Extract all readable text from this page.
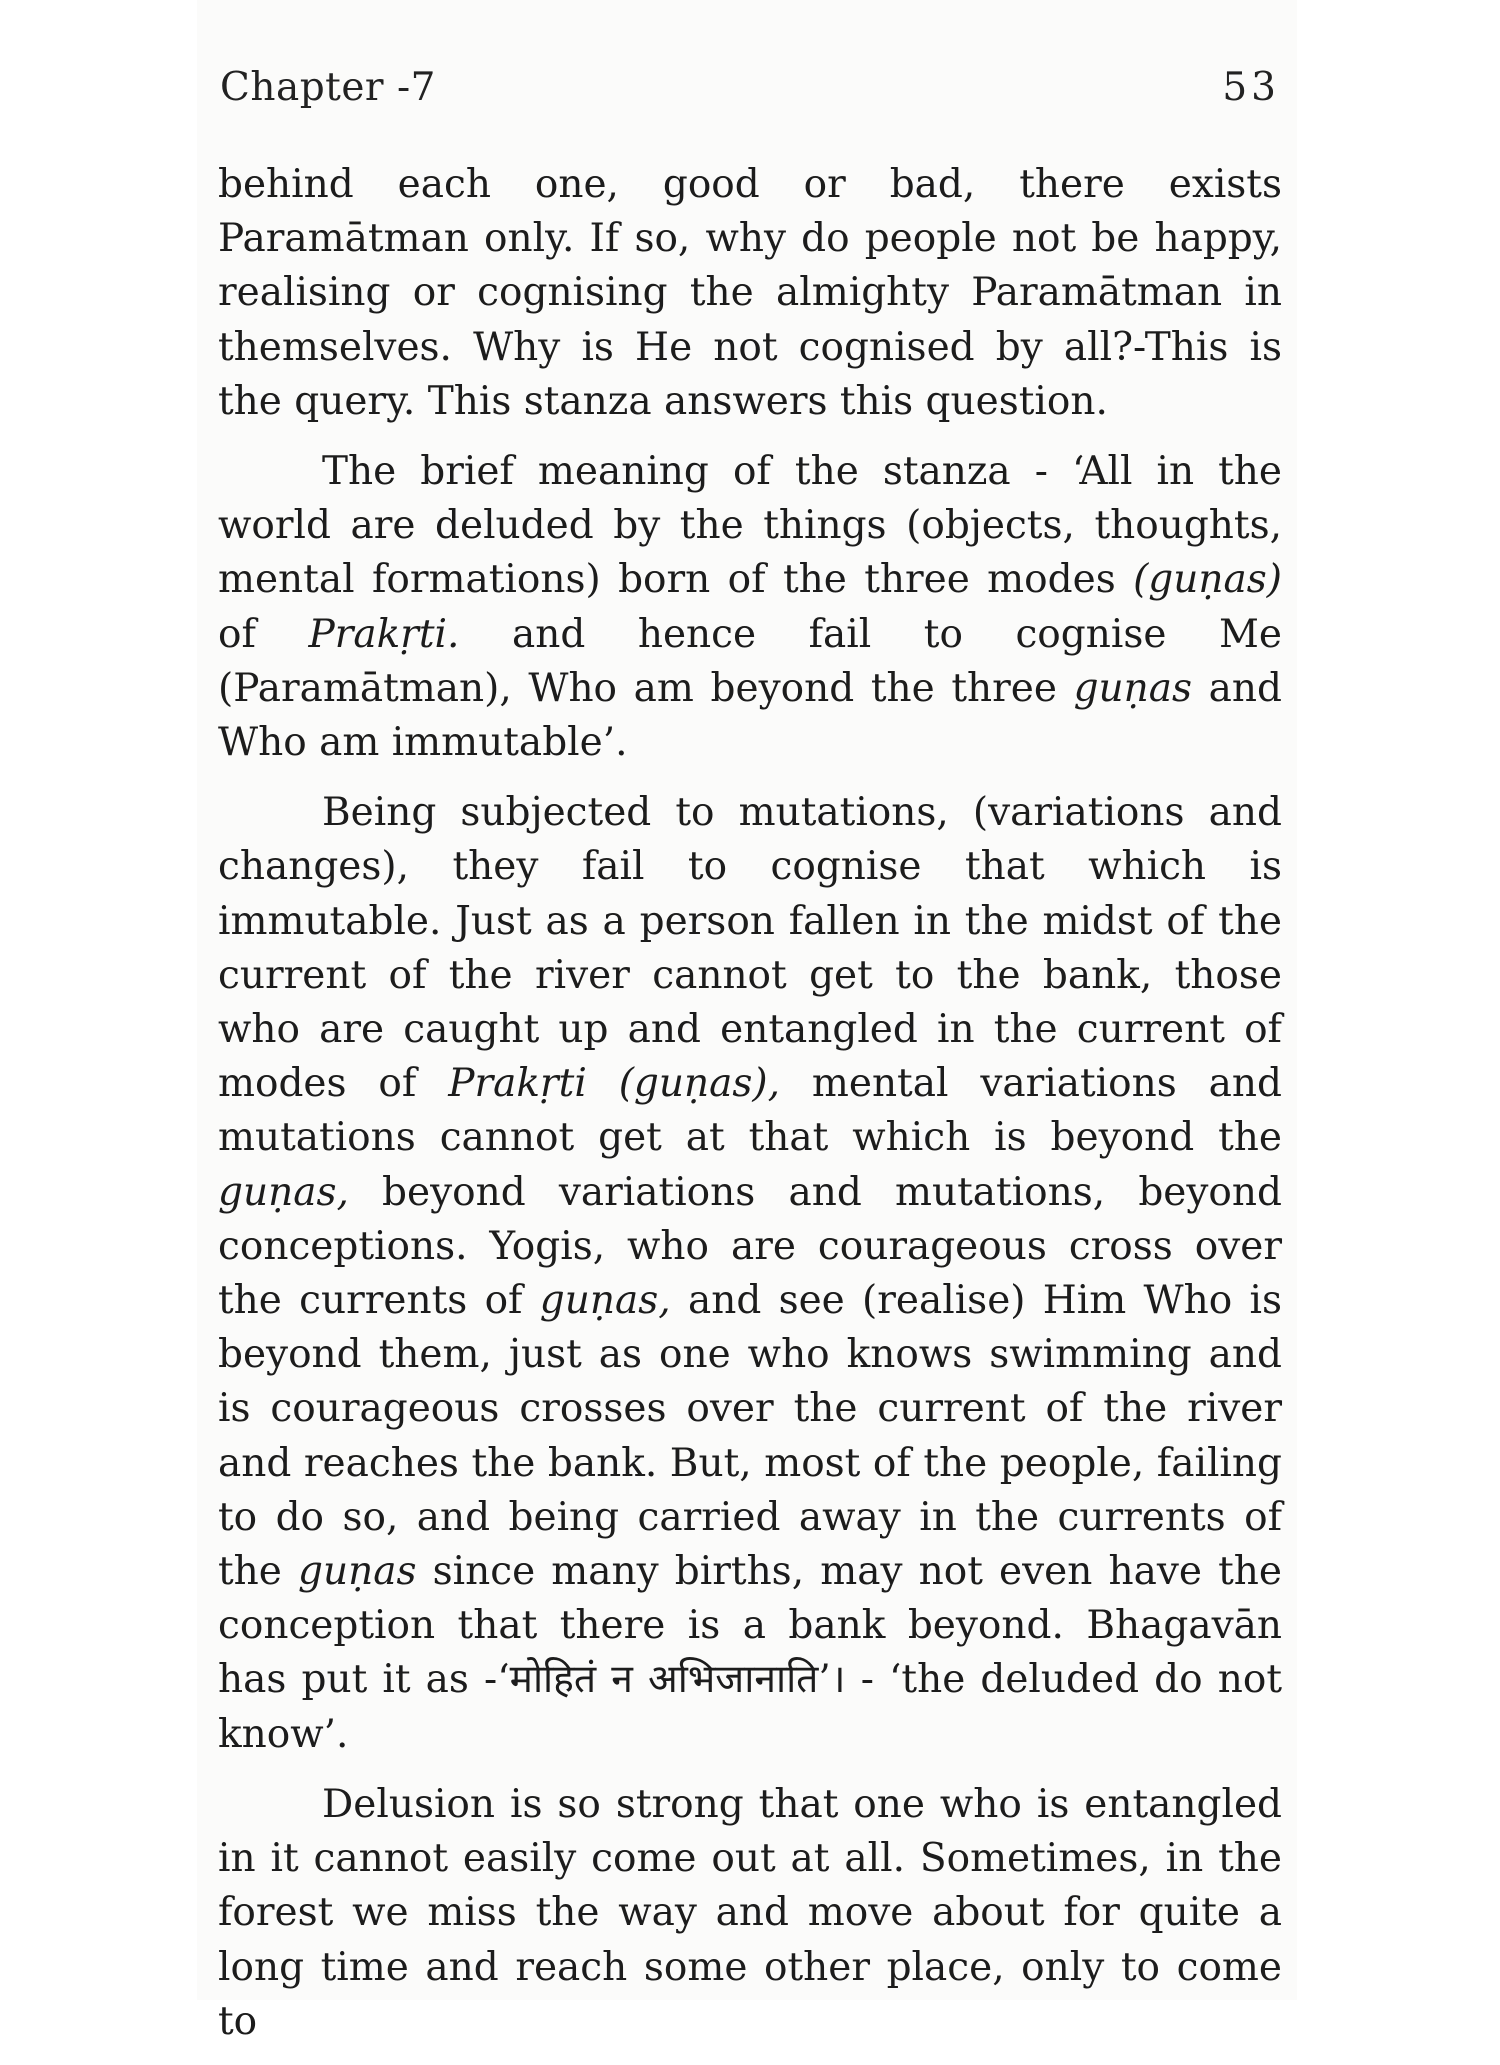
Chapter -7	53

behind each one, good or bad, there exists Paramātman only. If so, why do people not be happy, realising or cognising the almighty Paramātman in themselves. Why is He not cognised by all?-This is the query. This stanza answers this question.

The brief meaning of the stanza - ‘All in the world are deluded by the things (objects, thoughts, mental formations) born of the three modes (guṇas) of Prakṛti. and hence fail to cognise Me (Paramātman), Who am beyond the three guṇas and Who am immutable’.

Being subjected to mutations, (variations and changes), they fail to cognise that which is immutable. Just as a person fallen in the midst of the current of the river cannot get to the bank, those who are caught up and entangled in the current of modes of Prakṛti (guṇas), mental variations and mutations cannot get at that which is beyond the guṇas, beyond variations and mutations, beyond conceptions. Yogis, who are courageous cross over the currents of guṇas, and see (realise) Him Who is beyond them, just as one who knows swimming and is courageous crosses over the current of the river and reaches the bank. But, most of the people, failing to do so, and being carried away in the currents of the guṇas since many births, may not even have the conception that there is a bank beyond. Bhagavān has put it as -‘मोहितं न अभिजानाति’। - ‘the deluded do not know’.

Delusion is so strong that one who is entangled in it cannot easily come out at all. Sometimes, in the forest we miss the way and move about for quite a long time and reach some other place, only to come to
